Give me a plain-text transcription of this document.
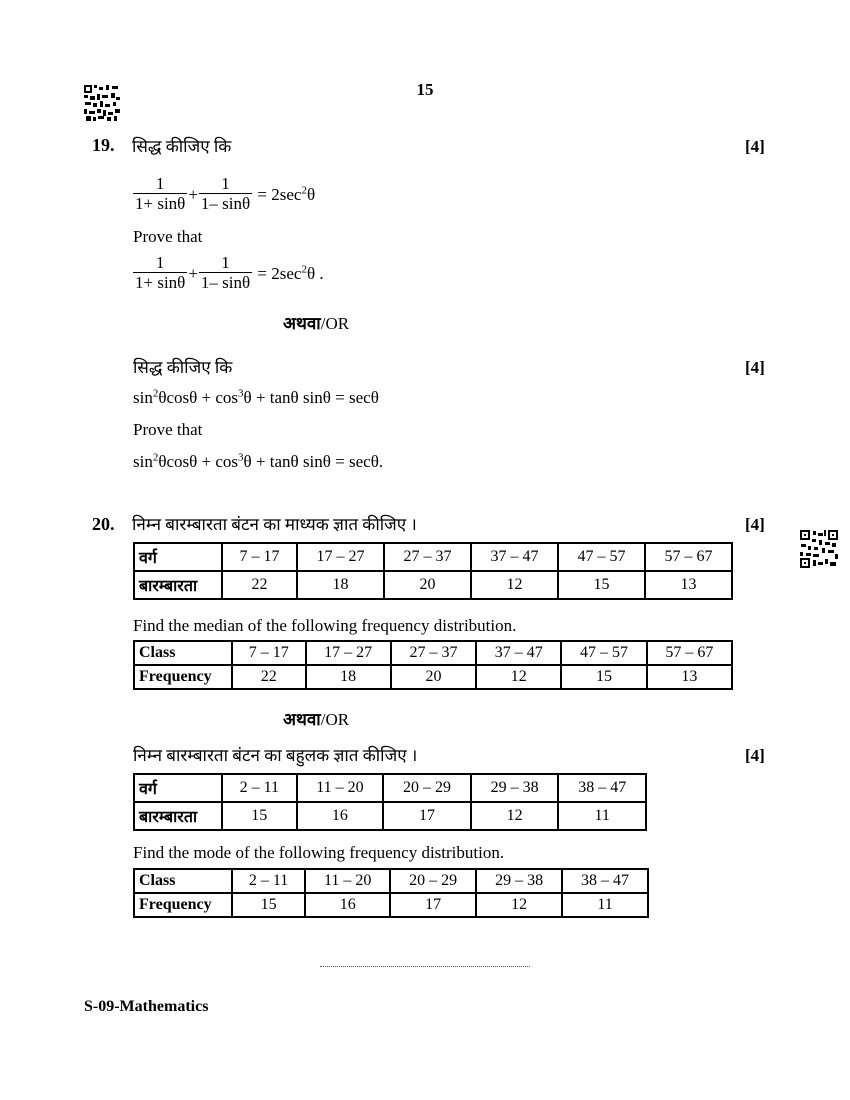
15
19. सिद्ध कीजिए कि	[4]
$\frac{1}{1+ \sin\theta} + \frac{1}{1- \sin\theta} = 2\sec^2\theta$
Prove that
$\frac{1}{1+ \sin\theta} + \frac{1}{1- \sin\theta} = 2\sec^2\theta$ .
अथवा/OR
सिद्ध कीजिए कि	[4]
$\sin^2\theta\cos\theta + \cos^3\theta + \tan\theta$ sinθ = secθ
Prove that
$\sin^2\theta\cos\theta + \cos^3\theta + \tan\theta$ sinθ = secθ.
20. निम्न बारम्बारता बंटन का माध्यक ज्ञात कीजिए ।	[4]
वर्ग	7 – 17	17 – 27	27 – 37	37 – 47	47 – 57	57 – 67
बारम्बारता	22	18	20	12	15	13
Find the median of the following frequency distribution.
Class	7 – 17	17 – 27	27 – 37	37 – 47	47 – 57	57 – 67
Frequency	22	18	20	12	15	13
अथवा/OR
निम्न बारम्बारता बंटन का बहुलक ज्ञात कीजिए ।	[4]
वर्ग	2 – 11	11 – 20	20 – 29	29 – 38	38 – 47
बारम्बारता	15	16	17	12	11
Find the mode of the following frequency distribution.
Class	2 – 11	11 – 20	20 – 29	29 – 38	38 – 47
Frequency	15	16	17	12	11
S-09-Mathematics
